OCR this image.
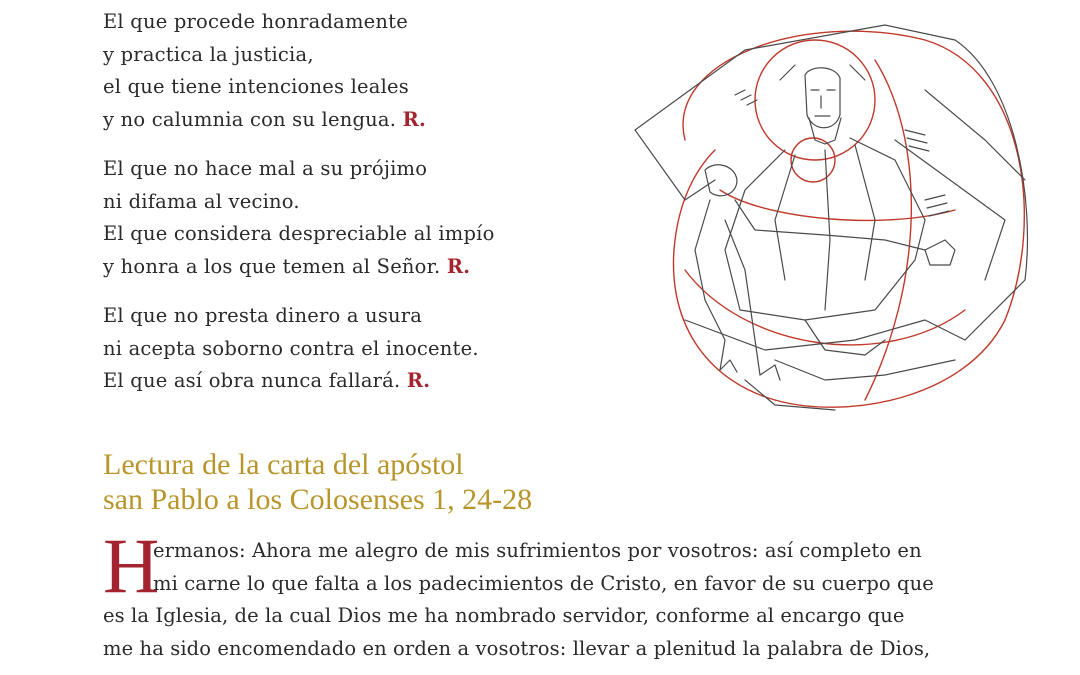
El que procede honradamente
y practica la justicia,
el que tiene intenciones leales
y no calumnia con su lengua. R.
El que no hace mal a su prójimo
ni difama al vecino.
El que considera despreciable al impío
y honra a los que temen al Señor. R.
El que no presta dinero a usura
ni acepta soborno contra el inocente.
El que así obra nunca fallará. R.
Lectura de la carta del apóstol
san Pablo a los Colosenses 1, 24-28
H
ermanos: Ahora me alegro de mis sufrimientos por vosotros: así completo en
mi carne lo que falta a los padecimientos de Cristo, en favor de su cuerpo que
es la Iglesia, de la cual Dios me ha nombrado servidor, conforme al encargo que
me ha sido encomendado en orden a vosotros: llevar a plenitud la palabra de Dios,
